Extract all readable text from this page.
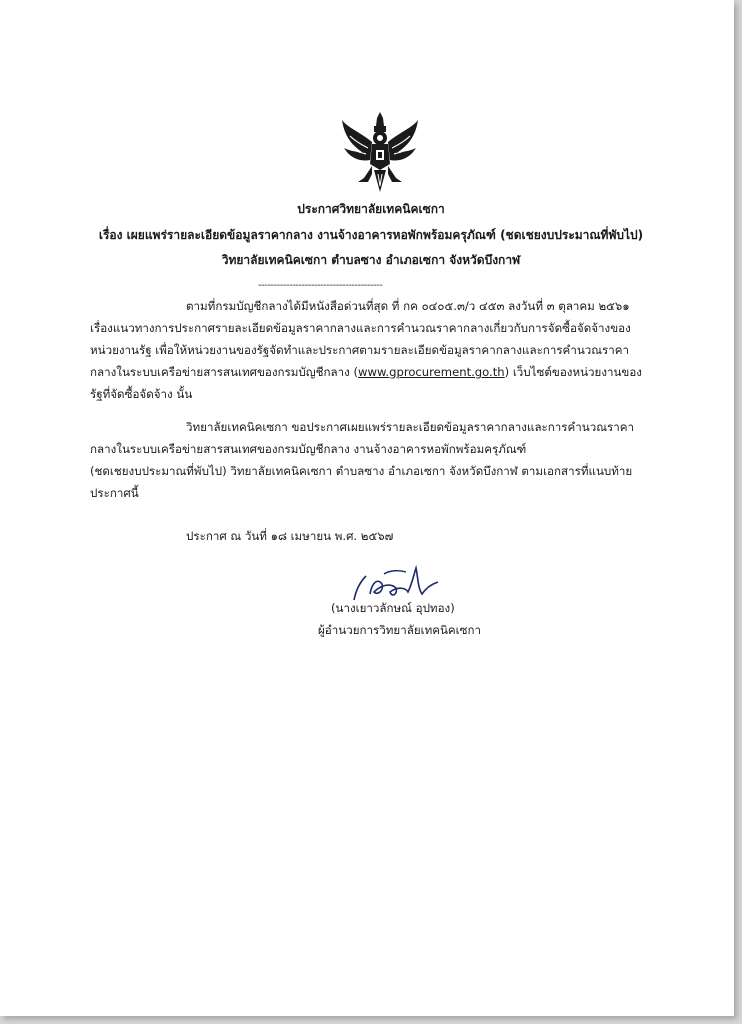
ประกาศวิทยาลัยเทคนิคเซกา
เรื่อง เผยแพร่รายละเอียดข้อมูลราคากลาง งานจ้างอาคารหอพักพร้อมครุภัณฑ์ (ชดเชยงบประมาณที่พับไป)
วิทยาลัยเทคนิคเซกา ตำบลซาง อำเภอเซกา จังหวัดบึงกาฬ
----------------------------------------
ตามที่กรมบัญชีกลางได้มีหนังสือด่วนที่สุด ที่ กค ๐๔๐๕.๓/ว ๔๕๓ ลงวันที่ ๓ ตุลาคม ๒๕๖๑
เรื่องแนวทางการประกาศรายละเอียดข้อมูลราคากลางและการคำนวณราคากลางเกี่ยวกับการจัดซื้อจัดจ้างของ
หน่วยงานรัฐ เพื่อให้หน่วยงานของรัฐจัดทำและประกาศตามรายละเอียดข้อมูลราคากลางและการคำนวณราคา
กลางในระบบเครือข่ายสารสนเทศของกรมบัญชีกลาง (www.gprocurement.go.th) เว็บไซต์ของหน่วยงานของ
รัฐที่จัดซื้อจัดจ้าง นั้น
วิทยาลัยเทคนิคเซกา ขอประกาศเผยแพร่รายละเอียดข้อมูลราคากลางและการคำนวณราคา
กลางในระบบเครือข่ายสารสนเทศของกรมบัญชีกลาง งานจ้างอาคารหอพักพร้อมครุภัณฑ์
(ชดเชยงบประมาณที่พับไป) วิทยาลัยเทคนิคเซกา ตำบลซาง อำเภอเซกา จังหวัดบึงกาฬ ตามเอกสารที่แนบท้าย
ประกาศนี้
ประกาศ ณ วันที่ ๑๘ เมษายน พ.ศ. ๒๕๖๗
(นางเยาวลักษณ์ อุปทอง)
ผู้อำนวยการวิทยาลัยเทคนิคเซกา
